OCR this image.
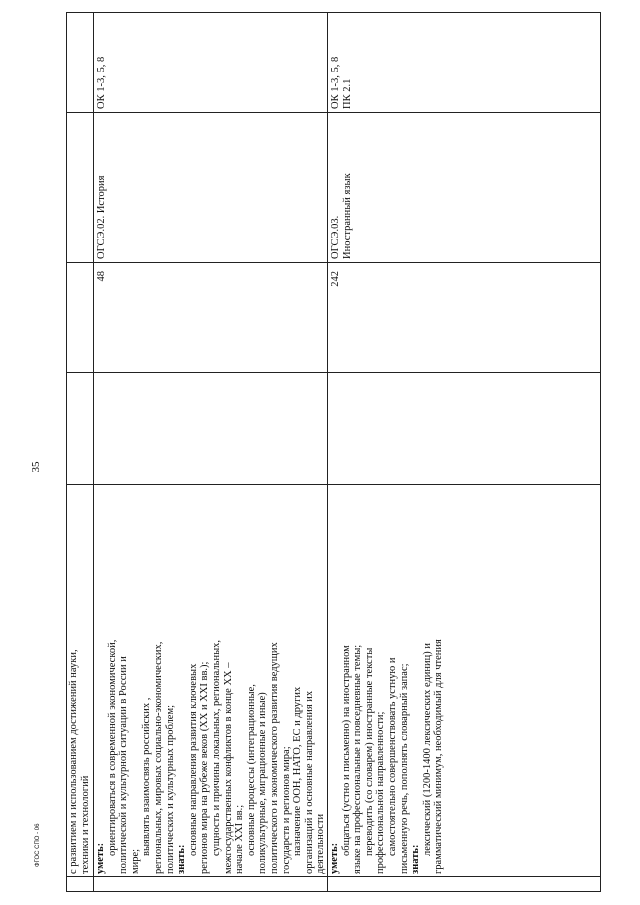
35
ФГОС СПО - 06	с развитием и использованием достижений науки, техники и технологий уметь:

ориентироваться в современной экономической, политической и культурной ситуации в России и мире;

выявлять взаимосвязь российских , региональных, мировых социально-экономических, политических и культурных проблем; знать:

основные направления развития ключевых регионов мира на рубеже веков (XX и XXI вв.); сущность и причины локальных, региональных, межгосударственных конфликтов в конце XX – начале XXI вв.; основные процессы (интеграционные, поликультурные, миграционные и иные) политического и экономического развития ведущих государств и регионов мира; назначение ООН, НАТО, ЕС и других организаций и основные направления их деятельности

48
ОГСЭ.02. История
ОК 1-3, 5, 8

уметь:

общаться (устно и письменно) на иностранном языке на профессиональные и повседневные темы; переводить (со словарем) иностранные тексты профессиональной направленности; самостоятельно совершенствовать устную и письменную речь, пополнять словарный запас; знать:

лексический (1200-1400 лексических единиц) и грамматический минимум, необходимый для чтения

242
ОГСЭ.03.
Иностранный язык
ОК 1-3, 5, 8
ПК 2.1
